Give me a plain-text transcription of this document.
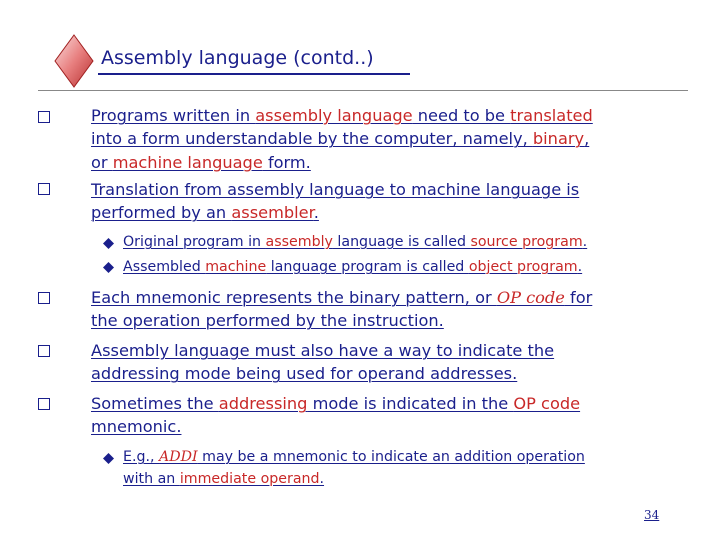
Assembly language (contd..)
Programs written in assembly language need to be translated
into a form understandable by the computer, namely, binary,
or machine language form.
Translation from assembly language to machine language is
performed by an assembler.
Original program in assembly language is called source program.
Assembled machine language program is called object program.
Each mnemonic represents the binary pattern, or OP code for
the operation performed by the instruction.
Assembly language must also have a way to indicate the
addressing mode being used for operand addresses.
Sometimes the addressing mode is indicated in the OP code
mnemonic.
E.g., ADDI may be a mnemonic to indicate an addition operation
with an immediate operand.
34
